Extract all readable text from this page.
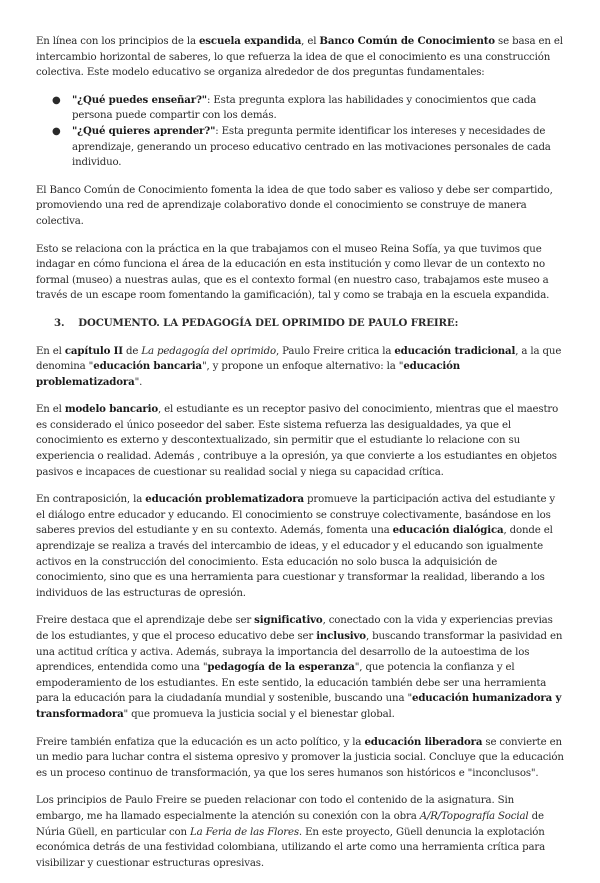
En línea con los principios de la escuela expandida, el Banco Común de Conocimiento se basa en el intercambio horizontal de saberes, lo que refuerza la idea de que el conocimiento es una construcción colectiva. Este modelo educativo se organiza alrededor de dos preguntas fundamentales:

● "¿Qué puedes enseñar?": Esta pregunta explora las habilidades y conocimientos que cada persona puede compartir con los demás.
● "¿Qué quieres aprender?": Esta pregunta permite identificar los intereses y necesidades de aprendizaje, generando un proceso educativo centrado en las motivaciones personales de cada individuo.

El Banco Común de Conocimiento fomenta la idea de que todo saber es valioso y debe ser compartido, promoviendo una red de aprendizaje colaborativo donde el conocimiento se construye de manera colectiva.

Esto se relaciona con la práctica en la que trabajamos con el museo Reina Sofía, ya que tuvimos que indagar en cómo funciona el área de la educación en esta institución y como llevar de un contexto no formal (museo) a nuestras aulas, que es el contexto formal (en nuestro caso, trabajamos este museo a través de un escape room fomentando la gamificación), tal y como se trabaja en la escuela expandida.

3. DOCUMENTO. LA PEDAGOGÍA DEL OPRIMIDO DE PAULO FREIRE:

En el capítulo II de La pedagogía del oprimido, Paulo Freire critica la educación tradicional, a la que denomina "educación bancaria", y propone un enfoque alternativo: la "educación problematizadora".

En el modelo bancario, el estudiante es un receptor pasivo del conocimiento, mientras que el maestro es considerado el único poseedor del saber. Este sistema refuerza las desigualdades, ya que el conocimiento es externo y descontextualizado, sin permitir que el estudiante lo relacione con su experiencia o realidad. Además , contribuye a la opresión, ya que convierte a los estudiantes en objetos pasivos e incapaces de cuestionar su realidad social y niega su capacidad crítica.

En contraposición, la educación problematizadora promueve la participación activa del estudiante y el diálogo entre educador y educando. El conocimiento se construye colectivamente, basándose en los saberes previos del estudiante y en su contexto. Además, fomenta una educación dialógica, donde el aprendizaje se realiza a través del intercambio de ideas, y el educador y el educando son igualmente activos en la construcción del conocimiento. Esta educación no solo busca la adquisición de conocimiento, sino que es una herramienta para cuestionar y transformar la realidad, liberando a los individuos de las estructuras de opresión.

Freire destaca que el aprendizaje debe ser significativo, conectado con la vida y experiencias previas de los estudiantes, y que el proceso educativo debe ser inclusivo, buscando transformar la pasividad en una actitud crítica y activa. Además, subraya la importancia del desarrollo de la autoestima de los aprendices, entendida como una "pedagogía de la esperanza", que potencia la confianza y el empoderamiento de los estudiantes. En este sentido, la educación también debe ser una herramienta para la educación para la ciudadanía mundial y sostenible, buscando una "educación humanizadora y transformadora" que promueva la justicia social y el bienestar global.

Freire también enfatiza que la educación es un acto político, y la educación liberadora se convierte en un medio para luchar contra el sistema opresivo y promover la justicia social. Concluye que la educación es un proceso continuo de transformación, ya que los seres humanos son históricos e "inconclusos".

Los principios de Paulo Freire se pueden relacionar con todo el contenido de la asignatura. Sin embargo, me ha llamado especialmente la atención su conexión con la obra A/R/Topografía Social de Núria Güell, en particular con La Feria de las Flores. En este proyecto, Güell denuncia la explotación económica detrás de una festividad colombiana, utilizando el arte como una herramienta crítica para visibilizar y cuestionar estructuras opresivas.
